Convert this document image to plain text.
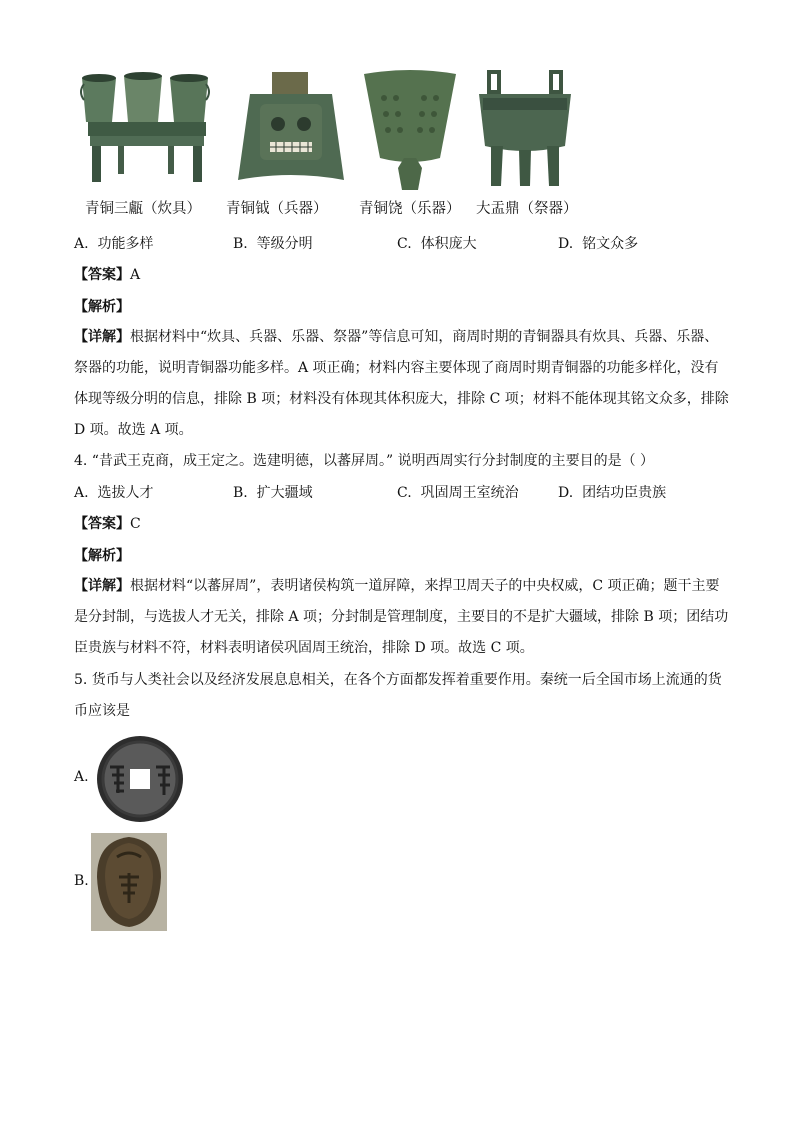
青铜三甗（炊具） 青铜钺（兵器） 青铜饶（乐器） 大盂鼎（祭器）
A. 功能多样	B. 等级分明	C. 体积庞大	D. 铭文众多
【答案】A
【解析】
【详解】根据材料中“炊具、兵器、乐器、祭器”等信息可知，商周时期的青铜器具有炊具、兵器、乐器、
祭器的功能，说明青铜器功能多样。A 项正确；材料内容主要体现了商周时期青铜器的功能多样化，没有
体现等级分明的信息，排除 B 项；材料没有体现其体积庞大，排除 C 项；材料不能体现其铭文众多，排除
D 项。故选 A 项。
4. “昔武王克商，成王定之。选建明德，以蕃屏周。” 说明西周实行分封制度的主要目的是（ ）
A. 选拔人才	B. 扩大疆域	C. 巩固周王室统治	D. 团结功臣贵族
【答案】C
【解析】
【详解】根据材料“以蕃屏周”，表明诸侯构筑一道屏障，来捍卫周天子的中央权威，C 项正确；题干主要
是分封制，与选拔人才无关，排除 A 项；分封制是管理制度，主要目的不是扩大疆域，排除 B 项；团结功
臣贵族与材料不符，材料表明诸侯巩固周王统治，排除 D 项。故选 C 项。
5. 货币与人类社会以及经济发展息息相关，在各个方面都发挥着重要作用。秦统一后全国市场上流通的货
币应该是
A.
B.
